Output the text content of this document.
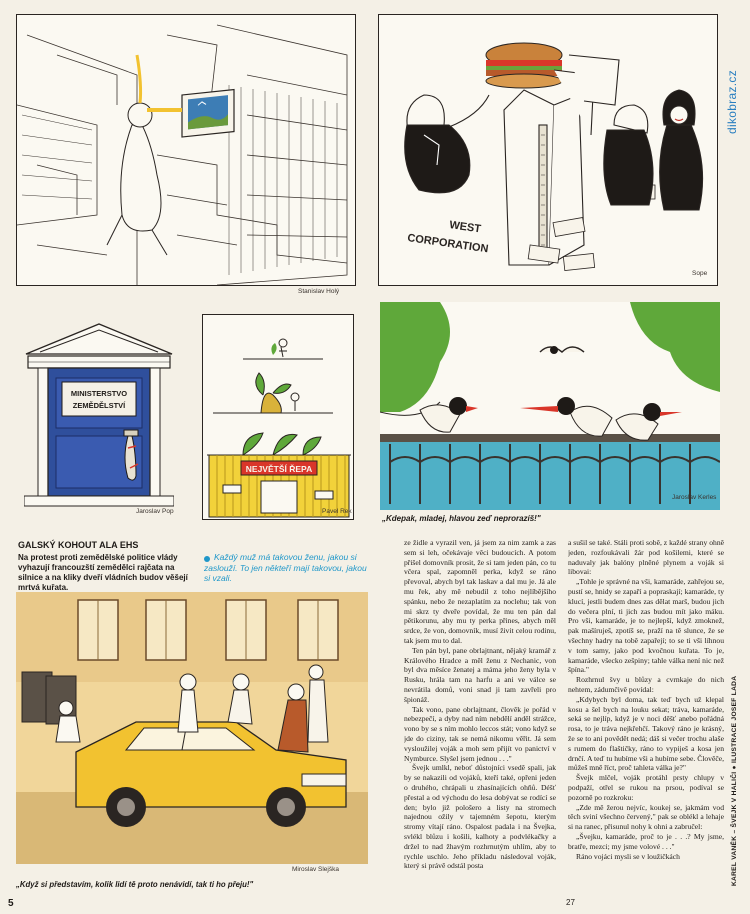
Stanislav Holý
WEST
CORPORATION
Sope
MINISTERSTVO
ZEMĚDĚLSTVÍ
Jaroslav Pop
NEJVĚTŠÍ ŘEPA
Pavel Rek
Jaroslav Kerles
„Kdepak, mladej, hlavou zeď neprorazíš!"
GALSKÝ KOHOUT ALA EHS
Na protest proti zemědělské politice vlády vyhazují francouzští zemědělci rajčata na silnice a na kliky dveří vládních budov věšejí mrtvá kuřata.
Každý muž má takovou ženu, jakou si zaslouží. To jen někteří mají takovou, jakou si vzali.
Miroslav Slejška
„Když si představím, kolik lidí tě proto nenávidí, tak ti ho přeju!"

ze židle a vyrazil ven, já jsem za nim zamk a zas sem si leh, očekávaje věci budoucích. A potom přišel domovník prosit, že si tam jeden pán, co tu včera spal, zapomněl perka, když se ráno převoval, abych byl tak laskav a dal mu je. Já ale mu řek, aby mě nebudil z toho nejlíbějšího spánku, nebo že nezaplatím za noclehu; tak von mi skrz ty dveře povídal, že mu ten pán dal pětikorunu, aby mu ty perka přines, abych měl srdce, že von, domovník, musí živit celou rodinu, tak jsem mu to dal.

Ten pán byl, pane obrlajtnant, nějaký kramář z Králového Hradce a měl ženu z Nechanic, von byl dva měsíce ženatej a máma jeho ženy byla v Rusku, hrála tam na harfu a ani ve válce se nevrátila domů, voni snad ji tam zavřeli pro špionáž.

Tak vono, pane obrlajtnant, člověk je pořád v nebezpečí, a dyby nad ním nebdělí anděl strážce, vono by se s ním mohlo leccos stát; vono když se jde do ciziny, tak se nemá nikomu věřit. Já sem vysloužilej voják a moh sem přijít vo panictví v Nymburce. Slyšel jsem jednou . . ."

Švejk umlkl, neboť důstojníci vsedě spali, jak by se nakazili od vojáků, kteří také, opřeni jeden o druhého, chrápali u zhasínajících ohňů. Déšť přestal a od východu do lesa dobývat se rodící se den; bylo již pološero a listy na stromech najednou ožily v tajemném šepotu, kterým stromy vítají ráno. Ospalost padala i na Švejka, svlékl blůzu i košili, kalhoty a podvlékačky a držel to nad žhavým rozhrnutým uhlím, aby to rychle uschlo. Jeho příkladu následoval voják, který si právě odstál posta

a sušil se také. Stáli proti sobě, z každé strany ohně jeden, rozfoukávali žár pod košilemi, které se naduvaly jak balóny plněné plynem a voják si libovai:

„Tohle je správné na vši, kamaráde, zahřejou se, pustí se, hnidy se zapaří a popraskají; kamaráde, ty klucí, jestli budem dnes zas dělat marš, budou jich do večera plní, ti jich zas budou mít jako máku. Pro vši, kamaráde, je to nejlepší, když zmoknež, pak mašíruješ, zpotíš se, praží na tě slunce, že se všechny hadry na tobě zapařejí; to se ti vši líhnou v tom samy, jako pod kvočnou kuřata. To je, kamaráde, všecko zešpiny; tahle válka není nic než špína."

Rozhrnul švy u blůzy a cvrnkaje do nich nehtem, zádumčivě povídal:

„Kdybych byl doma, tak teď bych už klepal kosu a šel bych na louku sekat; tráva, kamaráde, seká se nejlíp, když je v noci děšť anebo pořádná rosa, to je tráva nejkřehčí. Takový ráno je krásný, že se to ani povědět nedá; dáš si večer trochu alaše s rumem do flaštičky, ráno to vypiješ a kosa jen drnčí. A teď tu hubíme vši a hubíme sebe. Člověče, můžeš mně říct, proč tahleta válka je?"

Švejk mlčel, voják protáhl prsty chlupy v podpaží, otřel se rukou na prsou, podíval se pozorně po rozkroku:

„Zde mě žerou nejvíc, koukej se, jakmám vod těch sviní všechno červený," pak se oblékl a lehaje si na ranec, přisunul nohy k ohni a zabručel:

„Švejku, kamaráde, proč to je . . .? My jsme, bratře, mezci; my jsme volové . . ."

Ráno vojáci mysli se v loužičkách

5	27
dikobraz.cz
KAREL VANĚK – ŠVEJK V HALIČI ● ILUSTRACE JOSEF LADA
